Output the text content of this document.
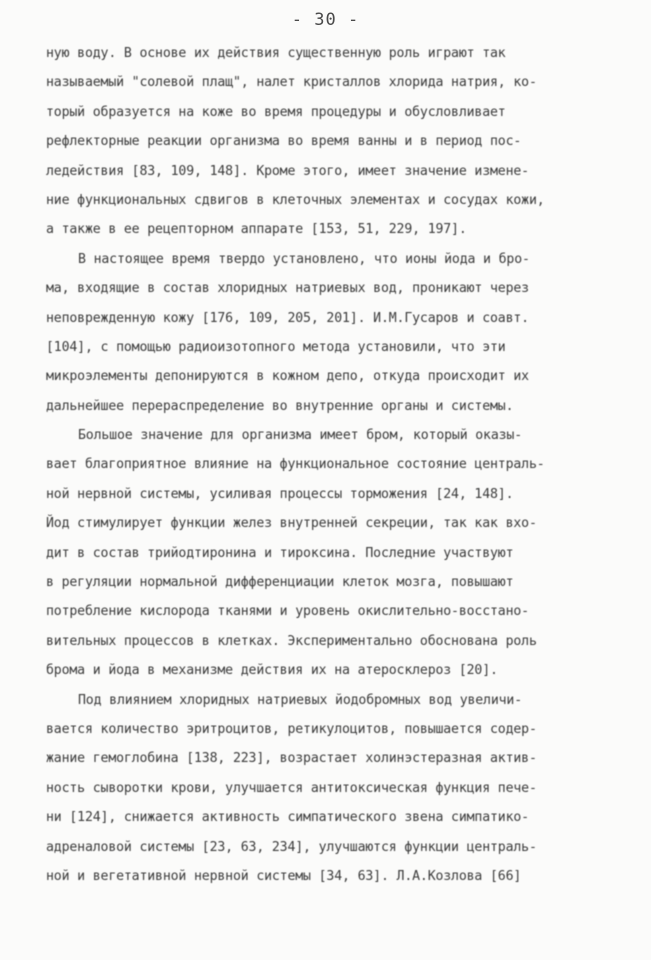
- 30 -
ную воду. В основе их действия существенную роль играют так
называемый "солевой плащ", налет кристаллов хлорида натрия, ко-
торый образуется на коже во время процедуры и обусловливает
рефлекторные реакции организма во время ванны и в период пос-
ледействия [83, 109, 148]. Кроме этого, имеет значение измене-
ние функциональных сдвигов в клеточных элементах и сосудах кожи,
а также в ее рецепторном аппарате [153, 51, 229, 197].
В настоящее время твердо установлено, что ионы йода и бро-
ма, входящие в состав хлоридных натриевых вод, проникают через
неповрежденную кожу [176, 109, 205, 201]. И.М.Гусаров и соавт.
[104], с помощью радиоизотопного метода установили, что эти
микроэлементы депонируются в кожном депо, откуда происходит их
дальнейшее перераспределение во внутренние органы и системы.
Большое значение для организма имеет бром, который оказы-
вает благоприятное влияние на функциональное состояние централь-
ной нервной системы, усиливая процессы торможения [24, 148].
Йод стимулирует функции желез внутренней секреции, так как вхо-
дит в состав трийодтиронина и тироксина. Последние участвуют
в регуляции нормальной дифференциации клеток мозга, повышают
потребление кислорода тканями и уровень окислительно-восстано-
вительных процессов в клетках. Экспериментально обоснована роль
брома и йода в механизме действия их на атеросклероз [20].
Под влиянием хлоридных натриевых йодобромных вод увеличи-
вается количество эритроцитов, ретикулоцитов, повышается содер-
жание гемоглобина [138, 223], возрастает холинэстеразная актив-
ность сыворотки крови, улучшается антитоксическая функция пече-
ни [124], снижается активность симпатического звена симпатико-
адреналовой системы [23, 63, 234], улучшаются функции централь-
ной и вегетативной нервной системы [34, 63]. Л.А.Козлова [66]
